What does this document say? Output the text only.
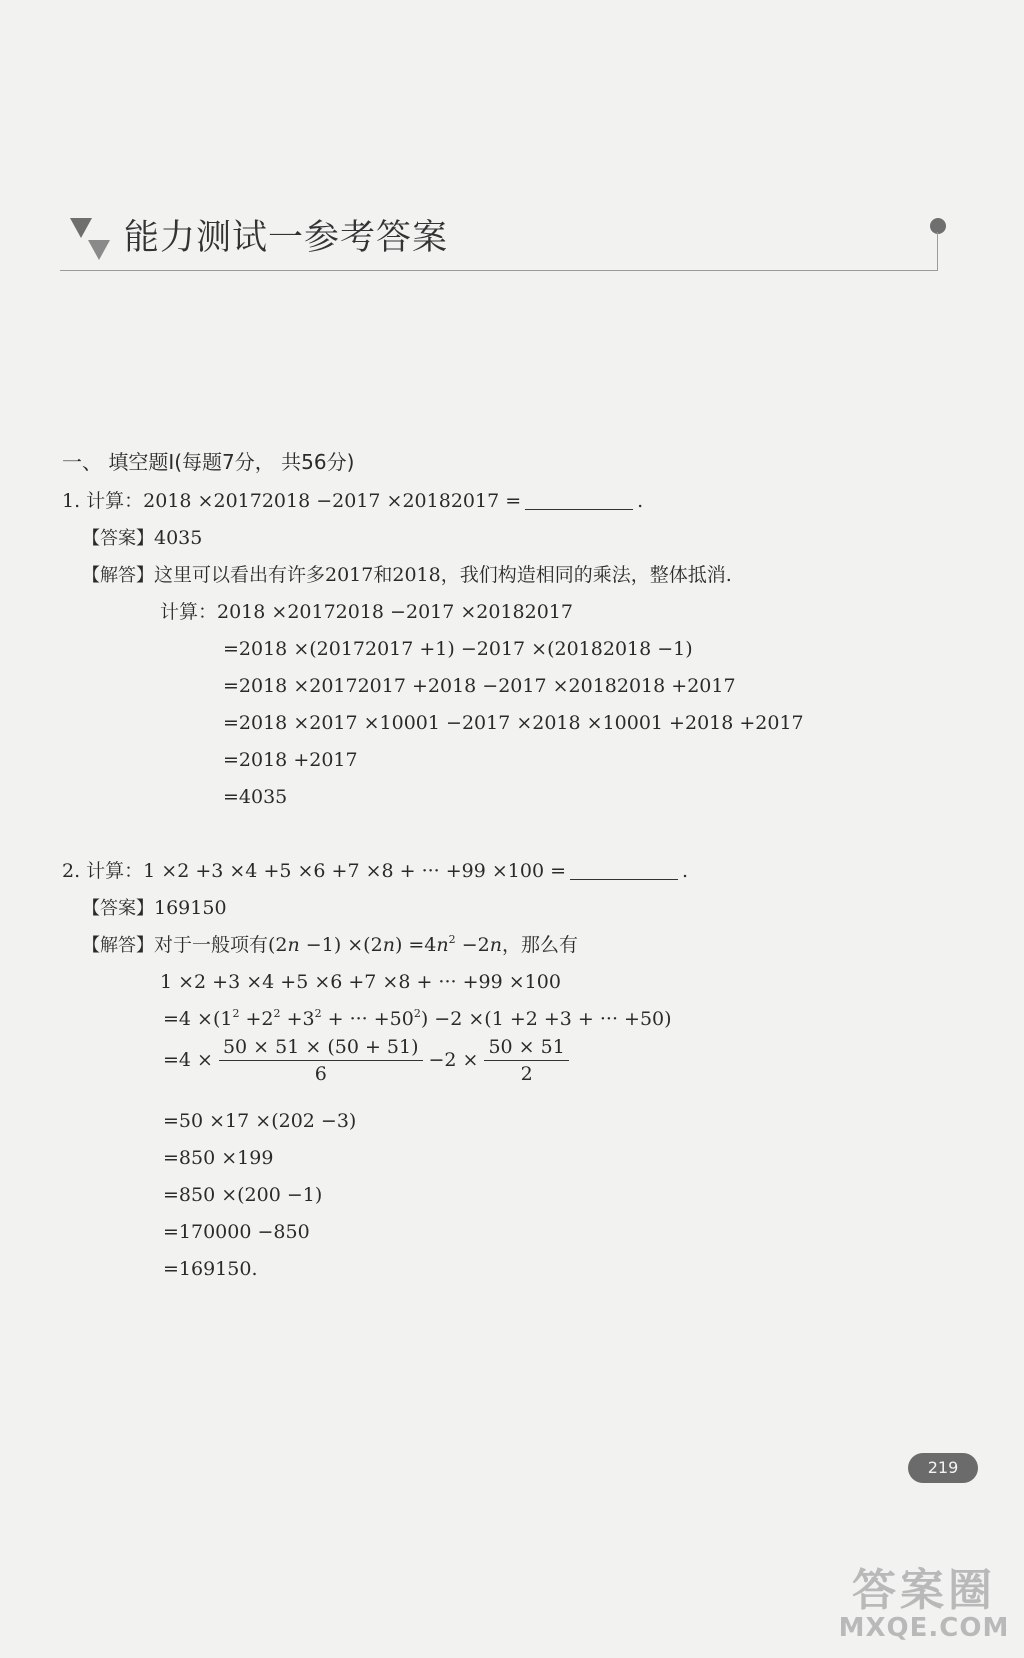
能力测试一参考答案
一、 填空题Ⅰ(每题7分， 共56分)
1. 计算：2018 ×20172018 −2017 ×20182017 =	.
【答案】4035
【解答】这里可以看出有许多2017和2018，我们构造相同的乘法，整体抵消.
计算：2018 ×20172018 −2017 ×20182017
=2018 ×(20172017 +1) −2017 ×(20182018 −1)
=2018 ×20172017 +2018 −2017 ×20182018 +2017
=2018 ×2017 ×10001 −2017 ×2018 ×10001 +2018 +2017
=2018 +2017
=4035
2. 计算：1 ×2 +3 ×4 +5 ×6 +7 ×8 + ··· +99 ×100 =	.
【答案】169150
【解答】对于一般项有$(2n -1) \times(2n) =4n^2 -2n$，那么有
1 ×2 +3 ×4 +5 ×6 +7 ×8 + ··· +99 ×100
$=4 \times(1^2 +2^2 +3^2$ + ··· $+50^2) -2 \times(1 +2 +3$ + ··· +50)
$=4 \times \frac{50 \times 51 \times (50 + 51)}{6} -2 \times \frac{50 \times 51}{2}$
=50 ×17 ×(202 −3)
=850 ×199
=850 ×(200 −1)
=170000 −850
=169150.
219
答案圈
MXQE.COM
